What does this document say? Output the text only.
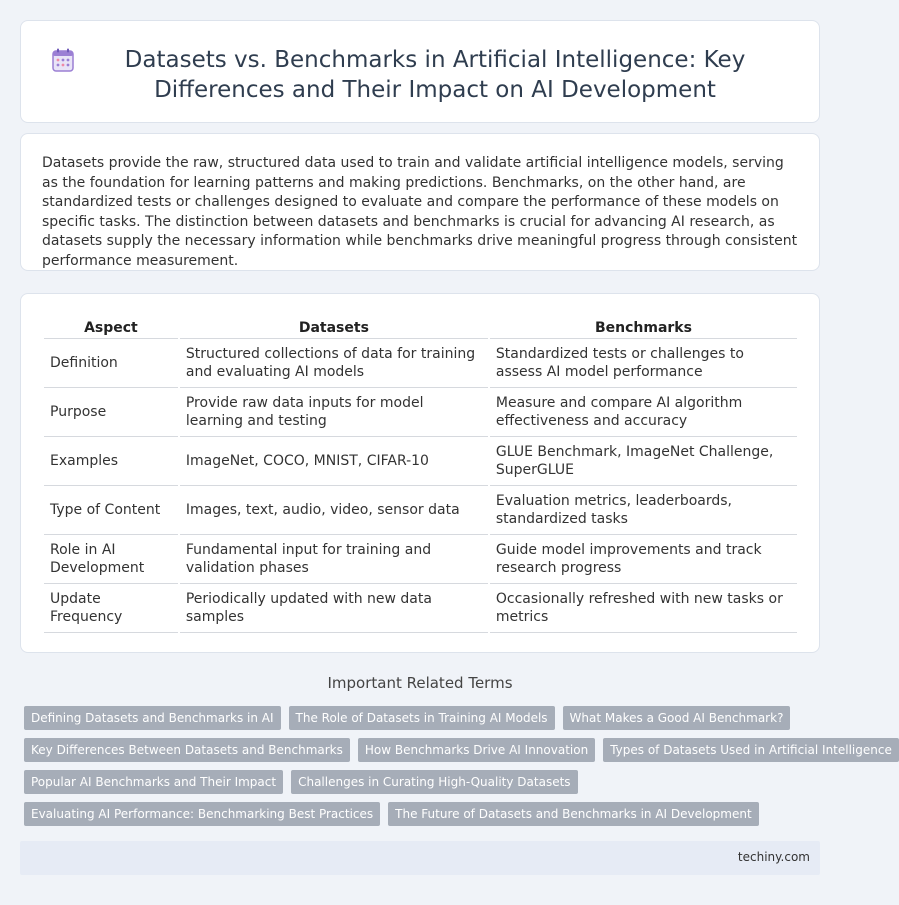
Datasets vs. Benchmarks in Artificial Intelligence: Key Differences and Their Impact on AI Development

Datasets provide the raw, structured data used to train and validate artificial intelligence models, serving as the foundation for learning patterns and making predictions. Benchmarks, on the other hand, are standardized tests or challenges designed to evaluate and compare the performance of these models on specific tasks. The distinction between datasets and benchmarks is crucial for advancing AI research, as datasets supply the necessary information while benchmarks drive meaningful progress through consistent performance measurement.

Aspect	Datasets	Benchmarks
Definition	Structured collections of data for training and evaluating AI models	Standardized tests or challenges to assess AI model performance
Purpose	Provide raw data inputs for model learning and testing	Measure and compare AI algorithm effectiveness and accuracy
Examples	ImageNet, COCO, MNIST, CIFAR-10	GLUE Benchmark, ImageNet Challenge, SuperGLUE
Type of Content	Images, text, audio, video, sensor data	Evaluation metrics, leaderboards, standardized tasks
Role in AI Development	Fundamental input for training and validation phases	Guide model improvements and track research progress
Update Frequency	Periodically updated with new data samples	Occasionally refreshed with new tasks or metrics
Important Related Terms
Defining Datasets and Benchmarks in AI	The Role of Datasets in Training AI Models	What Makes a Good AI Benchmark?
Key Differences Between Datasets and Benchmarks	How Benchmarks Drive AI Innovation	Types of Datasets Used in Artificial Intelligence
Popular AI Benchmarks and Their Impact	Challenges in Curating High-Quality Datasets
Evaluating AI Performance: Benchmarking Best Practices	The Future of Datasets and Benchmarks in AI Development
techiny.com
